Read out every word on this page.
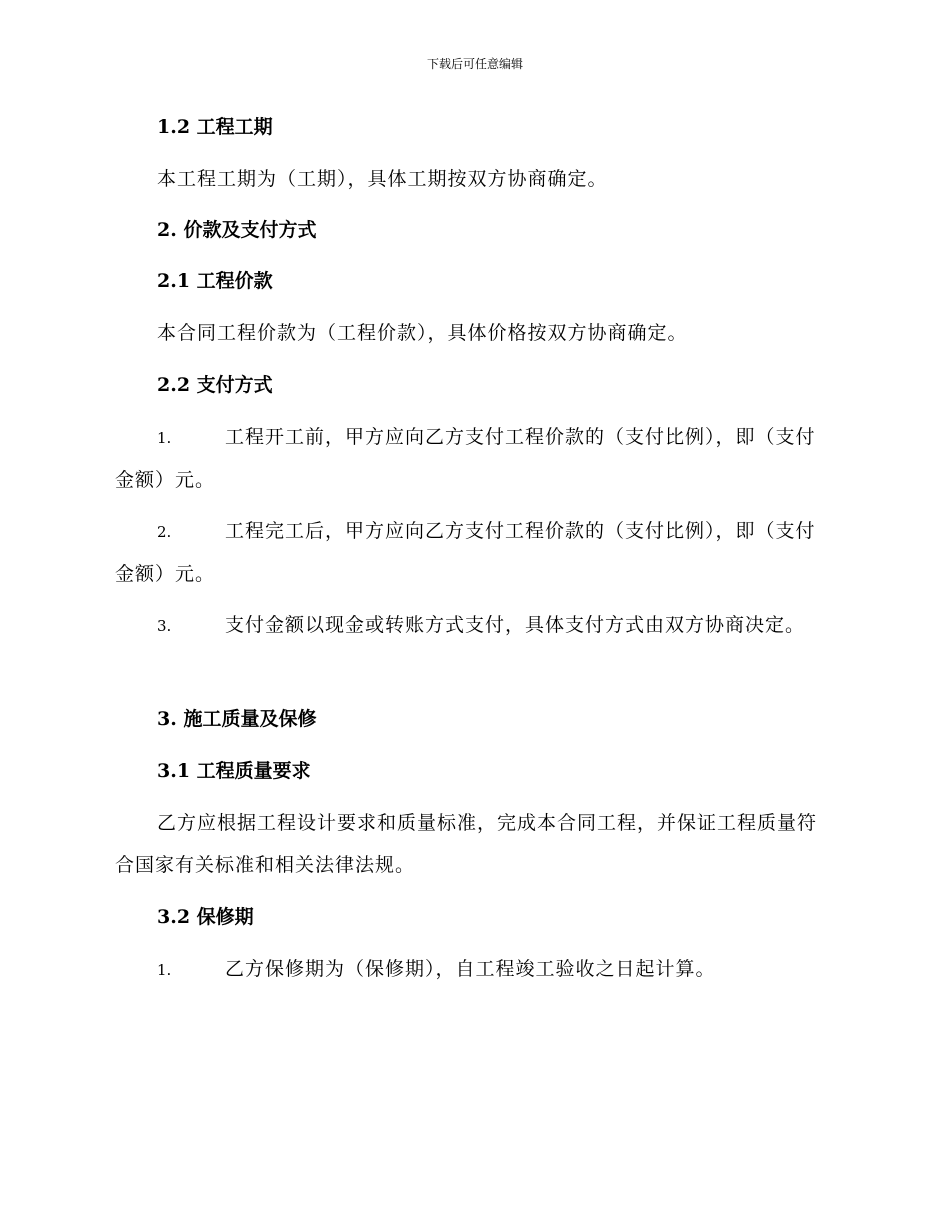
下载后可任意编辑
1.2 工程工期
本工程工期为（工期），具体工期按双方协商确定。
2. 价款及支付方式
2.1 工程价款
本合同工程价款为（工程价款），具体价格按双方协商确定。
2.2 支付方式
1.	工程开工前，甲方应向乙方支付工程价款的（支付比例），即（支付金额）元。
2.	工程完工后，甲方应向乙方支付工程价款的（支付比例），即（支付金额）元。
3.	支付金额以现金或转账方式支付，具体支付方式由双方协商决定。
3. 施工质量及保修
3.1 工程质量要求
乙方应根据工程设计要求和质量标准，完成本合同工程，并保证工程质量符合国家有关标准和相关法律法规。
3.2 保修期
1.	乙方保修期为（保修期），自工程竣工验收之日起计算。
